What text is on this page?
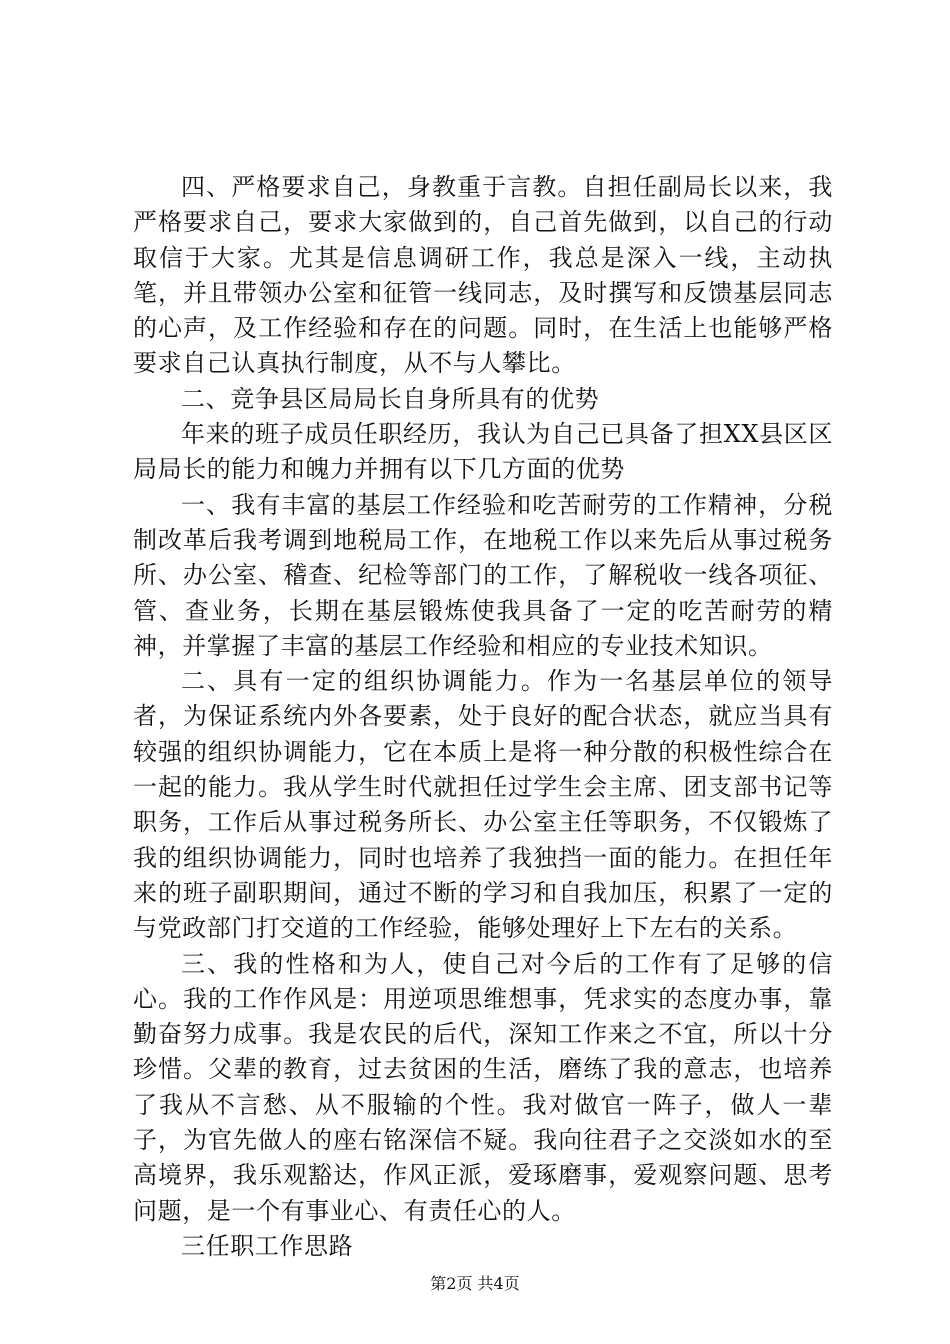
四、严格要求自己，身教重于言教。自担任副局长以来，我严格要求自己，要求大家做到的，自己首先做到，以自己的行动取信于大家。尤其是信息调研工作，我总是深入一线，主动执笔，并且带领办公室和征管一线同志，及时撰写和反馈基层同志的心声，及工作经验和存在的问题。同时，在生活上也能够严格要求自己认真执行制度，从不与人攀比。

二、竞争县区局局长自身所具有的优势

年来的班子成员任职经历，我认为自己已具备了担XX县区区局局长的能力和魄力并拥有以下几方面的优势

一、我有丰富的基层工作经验和吃苦耐劳的工作精神，分税制改革后我考调到地税局工作，在地税工作以来先后从事过税务所、办公室、稽查、纪检等部门的工作，了解税收一线各项征、管、查业务，长期在基层锻炼使我具备了一定的吃苦耐劳的精神，并掌握了丰富的基层工作经验和相应的专业技术知识。

二、具有一定的组织协调能力。作为一名基层单位的领导者，为保证系统内外各要素，处于良好的配合状态，就应当具有较强的组织协调能力，它在本质上是将一种分散的积极性综合在一起的能力。我从学生时代就担任过学生会主席、团支部书记等职务，工作后从事过税务所长、办公室主任等职务，不仅锻炼了我的组织协调能力，同时也培养了我独挡一面的能力。在担任年来的班子副职期间，通过不断的学习和自我加压，积累了一定的与党政部门打交道的工作经验，能够处理好上下左右的关系。

三、我的性格和为人，使自己对今后的工作有了足够的信心。我的工作作风是：用逆项思维想事，凭求实的态度办事，靠勤奋努力成事。我是农民的后代，深知工作来之不宜，所以十分珍惜。父辈的教育，过去贫困的生活，磨练了我的意志，也培养了我从不言愁、从不服输的个性。我对做官一阵子，做人一辈子，为官先做人的座右铭深信不疑。我向往君子之交淡如水的至高境界，我乐观豁达，作风正派，爱琢磨事，爱观察问题、思考问题，是一个有事业心、有责任心的人。

三任职工作思路

第2页 共4页
